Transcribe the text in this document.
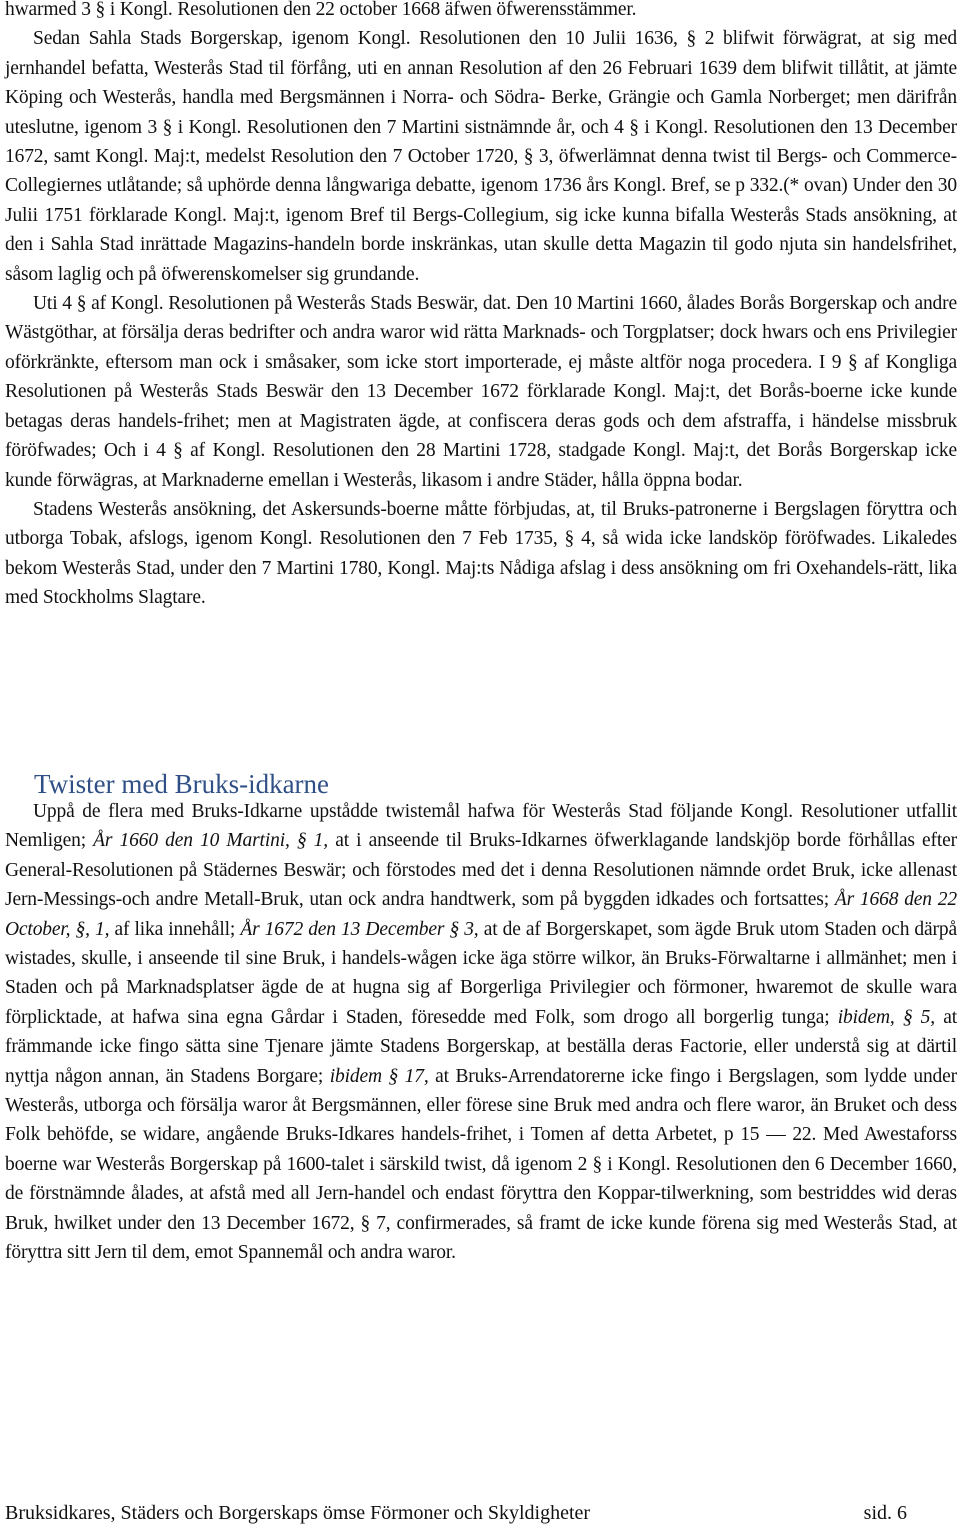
hwarmed 3 § i Kongl. Resolutionen den 22 october 1668 äfwen öfwerensstämmer.

Sedan Sahla Stads Borgerskap, igenom Kongl. Resolutionen den 10 Julii 1636, § 2 blifwit förwägrat, at sig med jernhandel befatta, Westerås Stad til förfång, uti en annan Resolution af den 26 Februari 1639 dem blifwit tillåtit, at jämte Köping och Westerås, handla med Bergsmännen i Norra- och Södra- Berke, Grängie och Gamla Norberget; men därifrån uteslutne, igenom 3 § i Kongl. Resolutionen den 7 Martini sistnämnde år, och 4 § i Kongl. Resolutionen den 13 December 1672, samt Kongl. Maj:t, medelst Resolution den 7 October 1720, § 3, öfwerlämnat denna twist til Bergs- och Commerce-Collegiernes utlåtande; så uphörde denna långwariga debatte, igenom 1736 års Kongl. Bref, se p 332.(* ovan) Under den 30 Julii 1751 förklarade Kongl. Maj:t, igenom Bref til Bergs-Collegium, sig icke kunna bifalla Westerås Stads ansökning, at den i Sahla Stad inrättade Magazins-handeln borde inskränkas, utan skulle detta Magazin til godo njuta sin handelsfrihet, såsom laglig och på öfwerenskomelser sig grundande.

Uti 4 § af Kongl. Resolutionen på Westerås Stads Beswär, dat. Den 10 Martini 1660, ålades Borås Borgerskap och andre Wästgöthar, at försälja deras bedrifter och andra waror wid rätta Marknads- och Torgplatser; dock hwars och ens Privilegier oförkränkte, eftersom man ock i småsaker, som icke stort importerade, ej måste altför noga procedera. I 9 § af Kongliga Resolutionen på Westerås Stads Beswär den 13 December 1672 förklarade Kongl. Maj:t, det Borås-boerne icke kunde betagas deras handels-frihet; men at Magistraten ägde, at confiscera deras gods och dem afstraffa, i händelse missbruk föröfwades; Och i 4 § af Kongl. Resolutionen den 28 Martini 1728, stadgade Kongl. Maj:t, det Borås Borgerskap icke kunde förwägras, at Marknaderne emellan i Westerås, likasom i andre Städer, hålla öppna bodar.

Stadens Westerås ansökning, det Askersunds-boerne måtte förbjudas, at, til Bruks-patronerne i Bergslagen föryttra och utborga Tobak, afslogs, igenom Kongl. Resolutionen den 7 Feb 1735, § 4, så wida icke landsköp föröfwades. Likaledes bekom Westerås Stad, under den 7 Martini 1780, Kongl. Maj:ts Nådiga afslag i dess ansökning om fri Oxehandels-rätt, lika med Stockholms Slagtare.

Twister med Bruks-idkarne

Uppå de flera med Bruks-Idkarne upstådde twistemål hafwa för Westerås Stad följande Kongl. Resolutioner utfallit Nemligen; År 1660 den 10 Martini, § 1, at i anseende til Bruks-Idkarnes öfwerklagande landskjöp borde förhållas efter General-Resolutionen på Städernes Beswär; och förstodes med det i denna Resolutionen nämnde ordet Bruk, icke allenast Jern-Messings-och andre Metall-Bruk, utan ock andra handtwerk, som på byggden idkades och fortsattes; År 1668 den 22 October, §, 1, af lika innehåll; År 1672 den 13 December § 3, at de af Borgerskapet, som ägde Bruk utom Staden och därpå wistades, skulle, i anseende til sine Bruk, i handels-wågen icke äga större wilkor, än Bruks-Förwaltarne i allmänhet; men i Staden och på Marknadsplatser ägde de at hugna sig af Borgerliga Privilegier och förmoner, hwaremot de skulle wara förplicktade, at hafwa sina egna Gårdar i Staden, föresedde med Folk, som drogo all borgerlig tunga; ibidem, § 5, at främmande icke fingo sätta sine Tjenare jämte Stadens Borgerskap, at beställa deras Factorie, eller understå sig at därtil nyttja någon annan, än Stadens Borgare; ibidem § 17, at Bruks-Arrendatorerne icke fingo i Bergslagen, som lydde under Westerås, utborga och försälja waror åt Bergsmännen, eller förese sine Bruk med andra och flere waror, än Bruket och dess Folk behöfde, se widare, angående Bruks-Idkares handels-frihet, i Tomen af detta Arbetet, p 15 — 22. Med Awestaforss boerne war Westerås Borgerskap på 1600-talet i särskild twist, då igenom 2 § i Kongl. Resolutionen den 6 December 1660, de förstnämnde ålades, at afstå med all Jern-handel och endast föryttra den Koppar-tilwerkning, som bestriddes wid deras Bruk, hwilket under den 13 December 1672, § 7, confirmerades, så framt de icke kunde förena sig med Westerås Stad, at föryttra sitt Jern til dem, emot Spannemål och andra waror.

Bruksidkares, Städers och Borgerskaps ömse Förmoner och Skyldigheter	sid. 6
